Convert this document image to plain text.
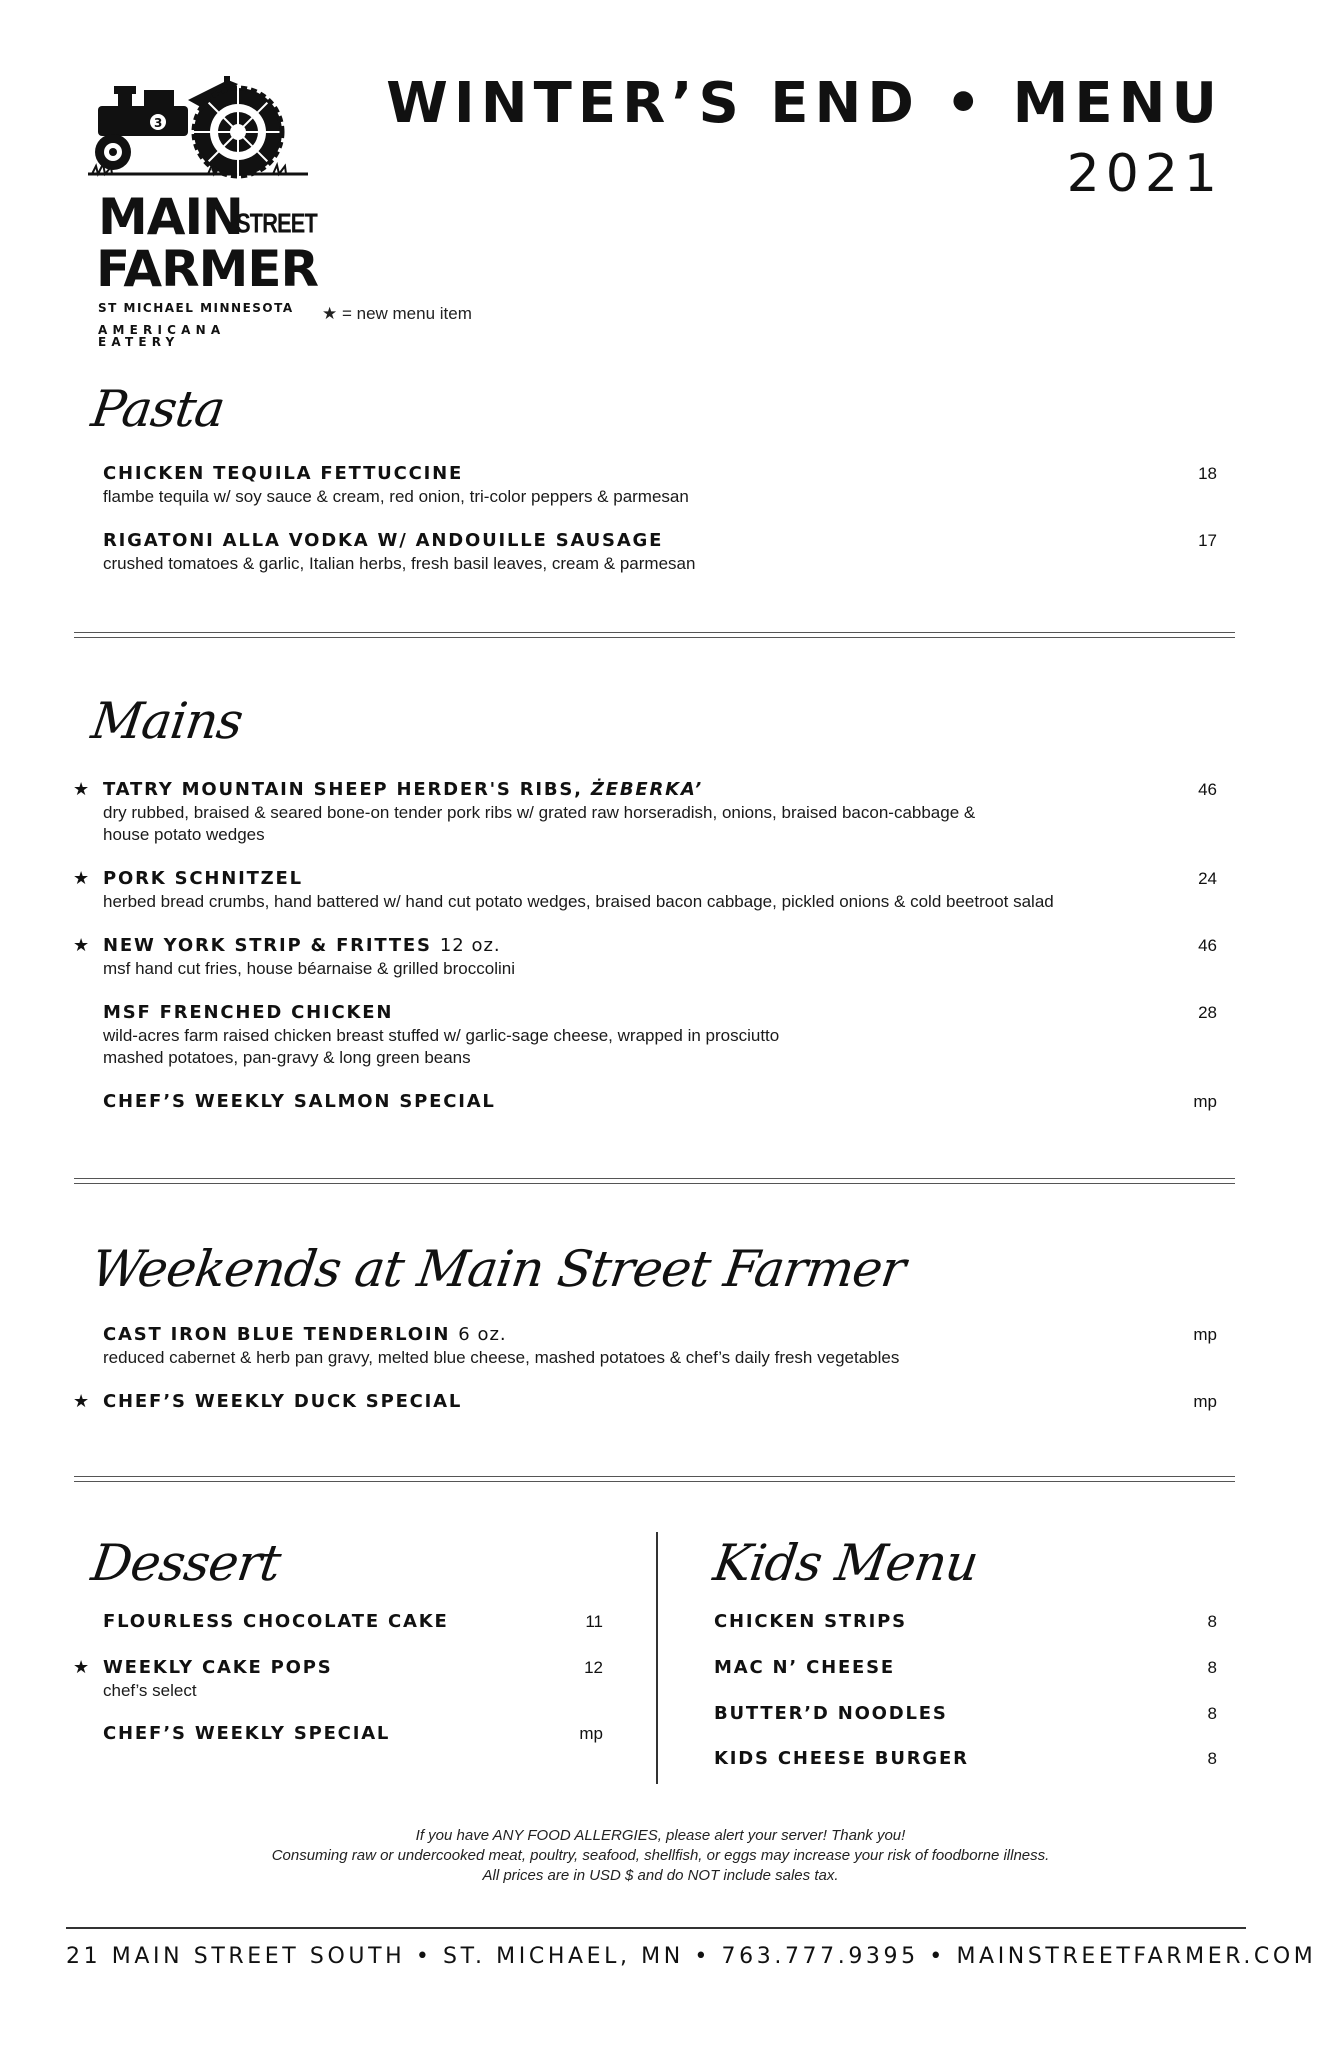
3
MAIN
STREET
FARMER
ST MICHAEL MINNESOTA
AMERICANA EATERY
★ = new menu item
WINTER’S END • MENU
2021
Pasta
CHICKEN TEQUILA FETTUCCINE
flambe tequila w/ soy sauce & cream, red onion, tri-color peppers & parmesan
18
RIGATONI ALLA VODKA W/ ANDOUILLE SAUSAGE
crushed tomatoes & garlic, Italian herbs, fresh basil leaves, cream & parmesan
17
Mains
★ TATRY MOUNTAIN SHEEP HERDER'S RIBS, ŻEBERKA’
dry rubbed, braised & seared bone-on tender pork ribs w/ grated raw horseradish, onions, braised bacon-cabbage &
house potato wedges
46
★ PORK SCHNITZEL
herbed bread crumbs, hand battered w/ hand cut potato wedges, braised bacon cabbage, pickled onions & cold beetroot salad
24
★ NEW YORK STRIP & FRITTES 12 oz.
msf hand cut fries, house béarnaise & grilled broccolini
46
MSF FRENCHED CHICKEN
wild-acres farm raised chicken breast stuffed w/ garlic-sage cheese, wrapped in prosciutto
mashed potatoes, pan-gravy & long green beans
28
CHEF’S WEEKLY SALMON SPECIAL	mp
Weekends at Main Street Farmer
CAST IRON BLUE TENDERLOIN 6 oz.
reduced cabernet & herb pan gravy, melted blue cheese, mashed potatoes & chef’s daily fresh vegetables
mp
★ CHEF’S WEEKLY DUCK SPECIAL	mp
Dessert
FLOURLESS CHOCOLATE CAKE	11
★ WEEKLY CAKE POPS
chef’s select
12
CHEF’S WEEKLY SPECIAL	mp
Kids Menu
CHICKEN STRIPS	8
MAC N’ CHEESE	8
BUTTER’D NOODLES	8
KIDS CHEESE BURGER	8
If you have ANY FOOD ALLERGIES, please alert your server! Thank you!
Consuming raw or undercooked meat, poultry, seafood, shellfish, or eggs may increase your risk of foodborne illness.
All prices are in USD $ and do NOT include sales tax.
21 MAIN STREET SOUTH • ST. MICHAEL, MN • 763.777.9395 • MAINSTREETFARMER.COM
